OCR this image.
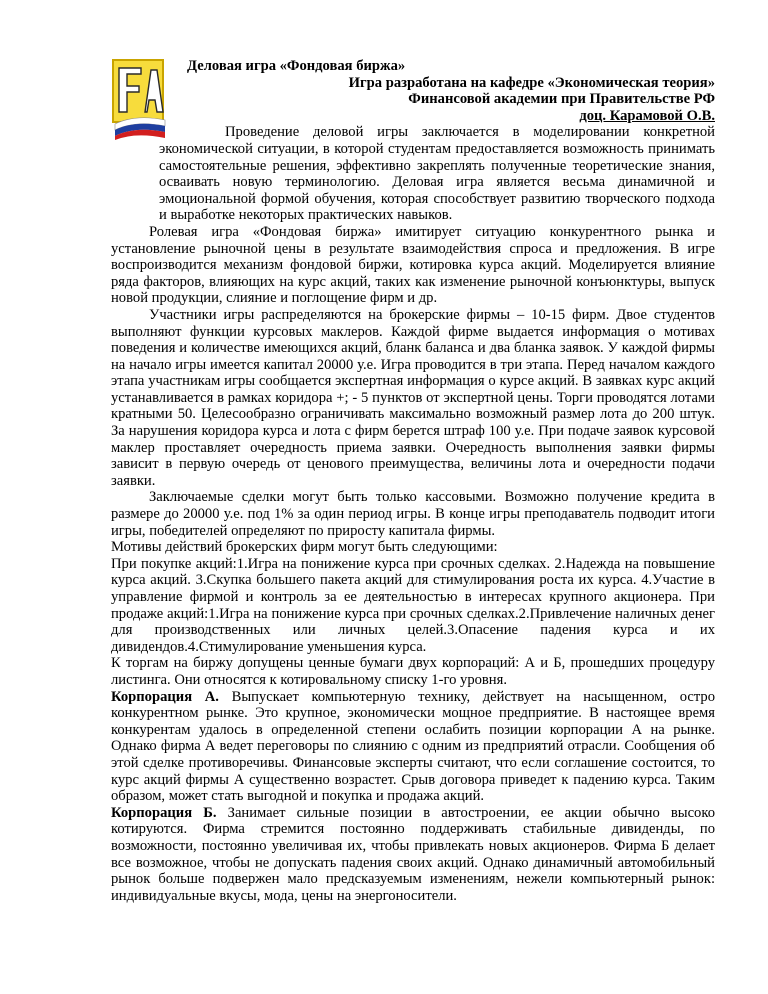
Деловая игра «Фондовая биржа»
Игра разработана на кафедре «Экономическая теория»
Финансовой академии при Правительстве РФ
доц. Карамовой О.В.

Проведение деловой игры заключается в моделировании конкретной экономической ситуации, в которой студентам предоставляется возможность принимать самостоятельные решения, эффективно закреплять полученные теоретические знания, осваивать новую терминологию. Деловая игра является весьма динамичной и эмоциональной формой обучения, которая способствует развитию творческого подхода и выработке некоторых практических навыков.

Ролевая игра «Фондовая биржа» имитирует ситуацию конкурентного рынка и установление рыночной цены в результате взаимодействия спроса и предложения. В игре воспроизводится механизм фондовой биржи, котировка курса акций. Моделируется влияние ряда факторов, влияющих на курс акций, таких как изменение рыночной конъюнктуры, выпуск новой продукции, слияние и поглощение фирм и др.

Участники игры распределяются на брокерские фирмы – 10-15 фирм. Двое студентов выполняют функции курсовых маклеров. Каждой фирме выдается информация о мотивах поведения и количестве имеющихся акций, бланк баланса и два бланка заявок. У каждой фирмы на начало игры имеется капитал 20000 у.е. Игра проводится в три этапа. Перед началом каждого этапа участникам игры сообщается экспертная информация о курсе акций. В заявках курс акций устанавливается в рамках коридора +; - 5 пунктов от экспертной цены. Торги проводятся лотами кратными 50. Целесообразно ограничивать максимально возможный размер лота до 200 штук. За нарушения коридора курса и лота с фирм берется штраф 100 у.е. При подаче заявок курсовой маклер проставляет очередность приема заявки. Очередность выполнения заявки фирмы зависит в первую очередь от ценового преимущества, величины лота и очередности подачи заявки.

Заключаемые сделки могут быть только кассовыми. Возможно получение кредита в размере до 20000 у.е. под 1% за один период игры. В конце игры преподаватель подводит итоги игры, победителей определяют по приросту капитала фирмы.

Мотивы действий брокерских фирм могут быть следующими:

При покупке акций:1.Игра на понижение курса при срочных сделках. 2.Надежда на повышение курса акций. 3.Скупка большего пакета акций для стимулирования роста их курса. 4.Участие в управление фирмой и контроль за ее деятельностью в интересах крупного акционера. При продаже акций:1.Игра на понижение курса при срочных сделках.2.Привлечение наличных денег для производственных или личных целей.3.Опасение падения курса и их дивидендов.4.Стимулирование уменьшения курса.

К торгам на биржу допущены ценные бумаги двух корпораций: А и Б, прошедших процедуру листинга. Они относятся к котировальному списку 1-го уровня.

Корпорация А. Выпускает компьютерную технику, действует на насыщенном, остро конкурентном рынке. Это крупное, экономически мощное предприятие. В настоящее время конкурентам удалось в определенной степени ослабить позиции корпорации А на рынке. Однако фирма А ведет переговоры по слиянию с одним из предприятий отрасли. Сообщения об этой сделке противоречивы. Финансовые эксперты считают, что если соглашение состоится, то курс акций фирмы А существенно возрастет. Срыв договора приведет к падению курса. Таким образом, может стать выгодной и покупка и продажа акций.

Корпорация Б. Занимает сильные позиции в автостроении, ее акции обычно высоко котируются. Фирма стремится постоянно поддерживать стабильные дивиденды, по возможности, постоянно увеличивая их, чтобы привлекать новых акционеров. Фирма Б делает все возможное, чтобы не допускать падения своих акций. Однако динамичный автомобильный рынок больше подвержен мало предсказуемым изменениям, нежели компьютерный рынок: индивидуальные вкусы, мода, цены на энергоносители.
